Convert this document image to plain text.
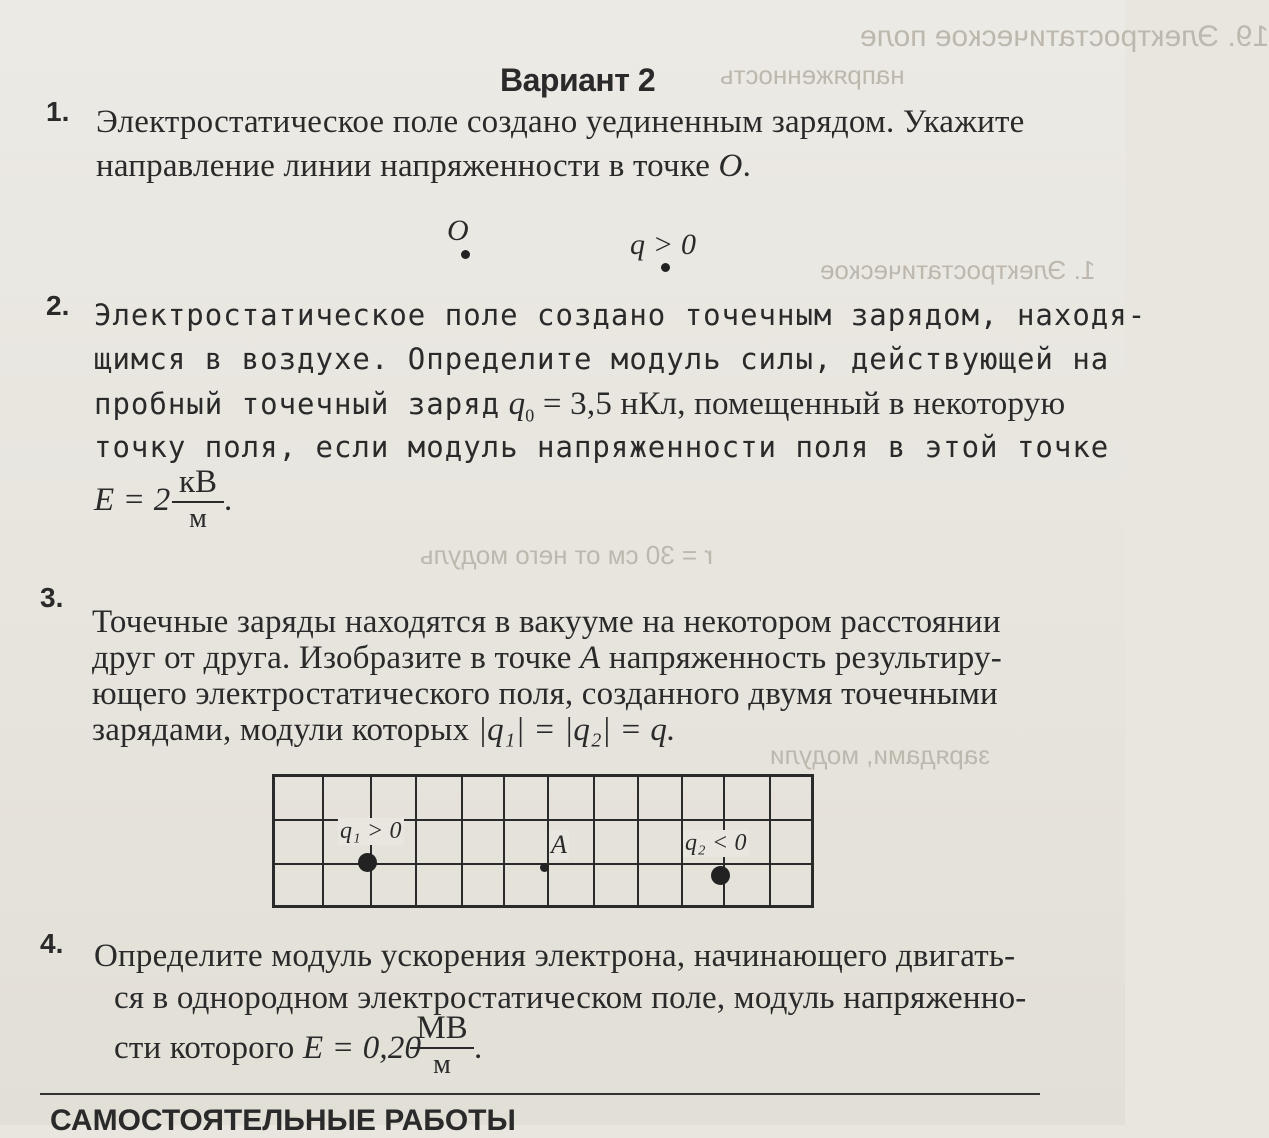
19. Электростатическое поле
напряженность
1. Электростатическое
r = 30 см от него модуль
зарядами, модули
Вариант 2
1. Электростатическое поле создано уединенным зарядом. Укажите
направление линии напряженности в точке O.
O	q > 0
2. Электростатическое поле создано точечным зарядом, находя-
щимся в воздухе. Определите модуль силы, действующей на
пробный точечный заряд $q_0 = 3,5$ нКл, помещенный в некоторую
точку поля, если модуль напряженности поля в этой точке
E = 2 кВ
м
.
3.
Точечные заряды находятся в вакууме на некотором расстоянии
друг от друга. Изобразите в точке A напряженность результиру-
ющего электростатического поля, созданного двумя точечными
зарядами, модули которых |q₁| = |q₂| = q.
q₁ > 0	A	q₂ < 0
4. Определите модуль ускорения электрона, начинающего двигать-
ся в однородном электростатическом поле, модуль напряженно-
сти которого E = 0,20
МВ
м .
САМОСТОЯТЕЛЬНЫЕ РАБОТЫ
